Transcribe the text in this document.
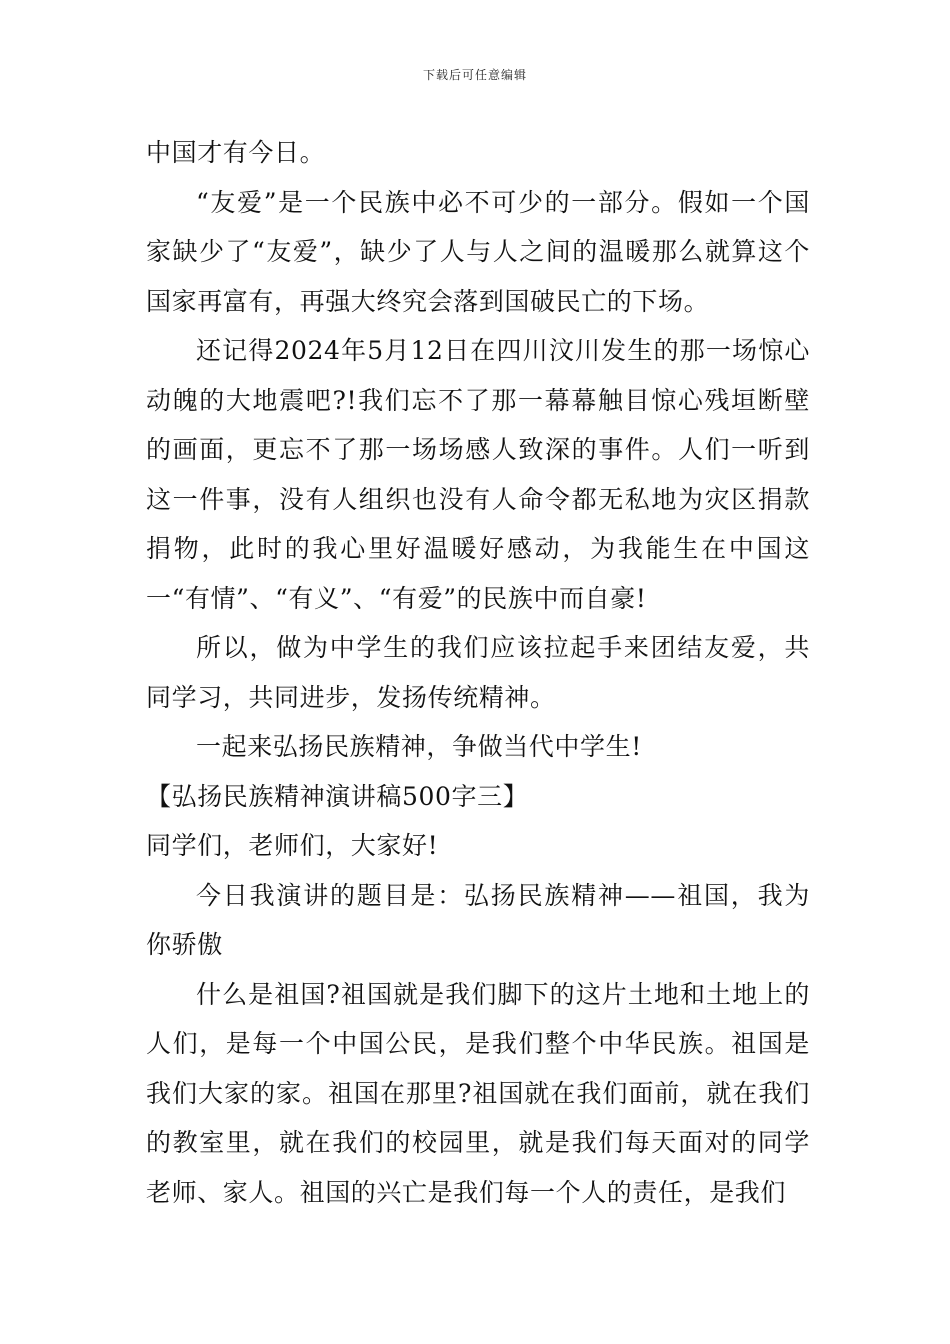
下载后可任意编辑

中国才有今日。

“友爱”是一个民族中必不可少的一部分。假如一个国家缺少了“友爱”，缺少了人与人之间的温暖那么就算这个国家再富有，再强大终究会落到国破民亡的下场。

还记得2024年5月12日在四川汶川发生的那一场惊心动魄的大地震吧?!我们忘不了那一幕幕触目惊心残垣断壁的画面，更忘不了那一场场感人致深的事件。人们一听到这一件事，没有人组织也没有人命令都无私地为灾区捐款捐物，此时的我心里好温暖好感动，为我能生在中国这一“有情”、“有义”、“有爱”的民族中而自豪!

所以，做为中学生的我们应该拉起手来团结友爱，共同学习，共同进步，发扬传统精神。

一起来弘扬民族精神，争做当代中学生!

【弘扬民族精神演讲稿500字三】

同学们，老师们，大家好!

今日我演讲的题目是：弘扬民族精神——祖国，我为你骄傲

什么是祖国?祖国就是我们脚下的这片土地和土地上的人们，是每一个中国公民，是我们整个中华民族。祖国是我们大家的家。祖国在那里?祖国就在我们面前，就在我们的教室里，就在我们的校园里，就是我们每天面对的同学老师、家人。祖国的兴亡是我们每一个人的责任，是我们
